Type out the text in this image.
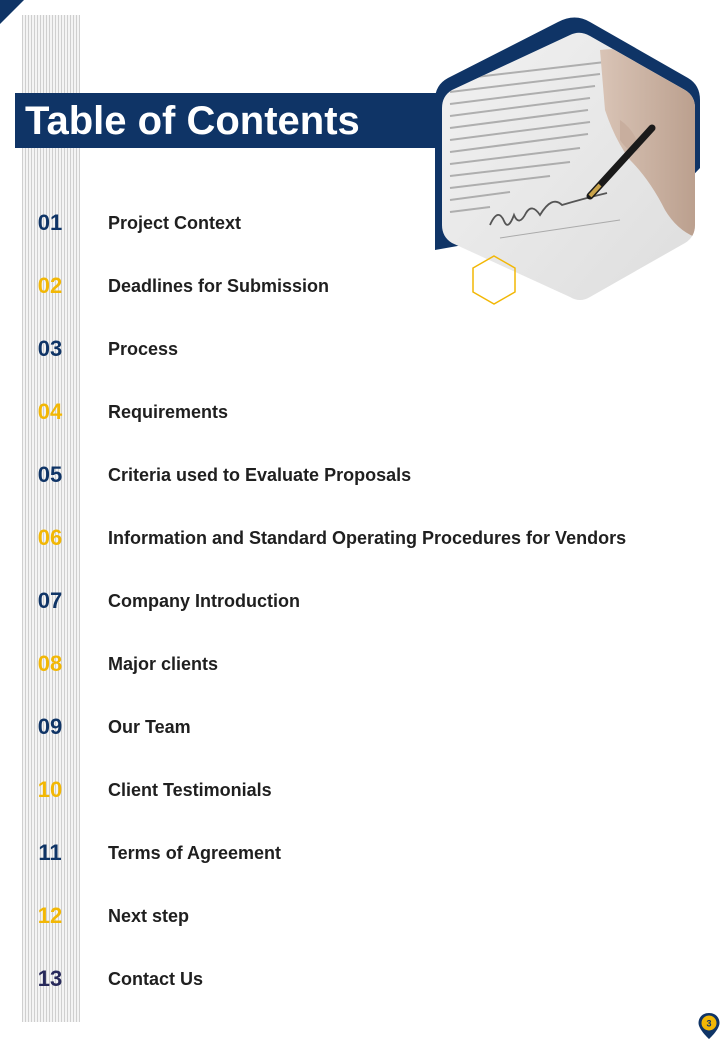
Table of Contents
01	Project Context
02	Deadlines for Submission
03	Process
04	Requirements
05	Criteria used to Evaluate Proposals
06	Information and Standard Operating Procedures for Vendors
07	Company Introduction
08	Major clients
09	Our Team
10	Client Testimonials
11	Terms of Agreement
12	Next step
13	Contact Us
3
